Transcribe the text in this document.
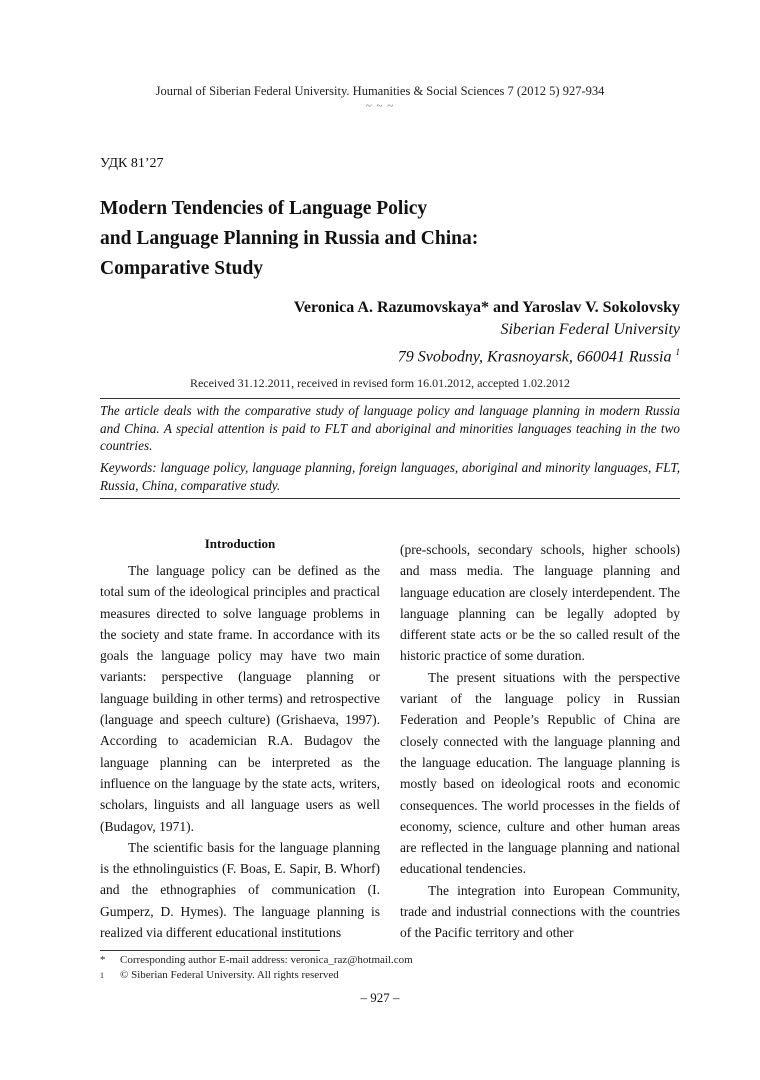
Journal of Siberian Federal University. Humanities & Social Sciences 7 (2012 5) 927-934
~ ~ ~
УДК 81’27
Modern Tendencies of Language Policy
and Language Planning in Russia and China:
Comparative Study
Veronica A. Razumovskaya* and Yaroslav V. Sokolovsky
Siberian Federal University
79 Svobodny, Krasnoyarsk, 660041 Russia $^1$
Received 31.12.2011, received in revised form 16.01.2012, accepted 1.02.2012
The article deals with the comparative study of language policy and language planning in modern Russia and China. A special attention is paid to FLT and aboriginal and minorities languages teaching in the two countries.
Keywords: language policy, language planning, foreign languages, aboriginal and minority languages, FLT, Russia, China, comparative study.
Introduction

The language policy can be defined as the total sum of the ideological principles and practical measures directed to solve language problems in the society and state frame. In accordance with its goals the language policy may have two main variants: perspective (language planning or language building in other terms) and retrospective (language and speech culture) (Grishaeva, 1997). According to academician R.A. Budagov the language planning can be interpreted as the influence on the language by the state acts, writers, scholars, linguists and all language users as well (Budagov, 1971).

The scientific basis for the language planning is the ethnolinguistics (F. Boas, E. Sapir, B. Whorf) and the ethnographies of communication (I. Gumperz, D. Hymes). The language planning is realized via different educational institutions

(pre-schools, secondary schools, higher schools) and mass media. The language planning and language education are closely interdependent. The language planning can be legally adopted by different state acts or be the so called result of the historic practice of some duration.

The present situations with the perspective variant of the language policy in Russian Federation and People’s Republic of China are closely connected with the language planning and the language education. The language planning is mostly based on ideological roots and economic consequences. The world processes in the fields of economy, science, culture and other human areas are reflected in the language planning and national educational tendencies.

The integration into European Community, trade and industrial connections with the countries of the Pacific territory and other

*	Corresponding author E-mail address: veronica_raz@hotmail.com
1	© Siberian Federal University. All rights reserved
– 927 –
